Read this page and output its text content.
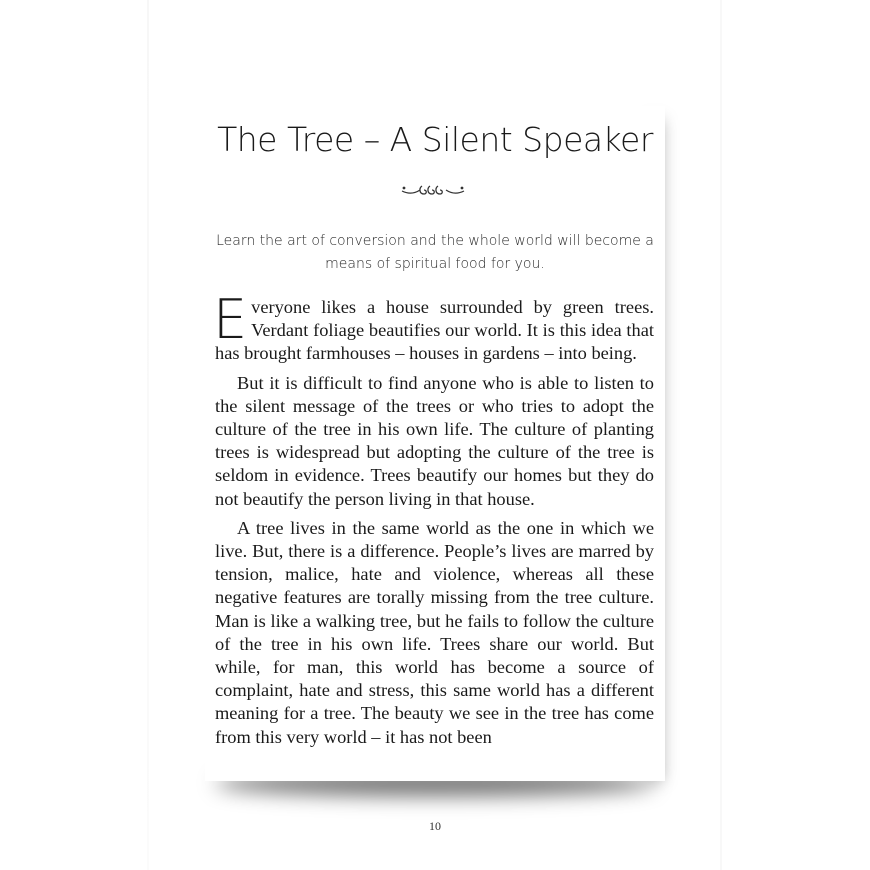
The Tree – A Silent Speaker

Learn the art of conversion and the whole world will become a means of spiritual food for you.

Everyone likes a house surrounded by green trees. Verdant foliage beautifies our world. It is this idea that has brought farmhouses – houses in gardens – into being.

But it is difficult to find anyone who is able to listen to the silent message of the trees or who tries to adopt the culture of the tree in his own life. The culture of planting trees is widespread but adopting the culture of the tree is seldom in evidence. Trees beautify our homes but they do not beautify the person living in that house.

A tree lives in the same world as the one in which we live. But, there is a difference. People’s lives are marred by tension, malice, hate and violence, whereas all these negative features are torally missing from the tree culture. Man is like a walking tree, but he fails to follow the culture of the tree in his own life. Trees share our world. But while, for man, this world has become a source of complaint, hate and stress, this same world has a different meaning for a tree. The beauty we see in the tree has come from this very world – it has not been

10
